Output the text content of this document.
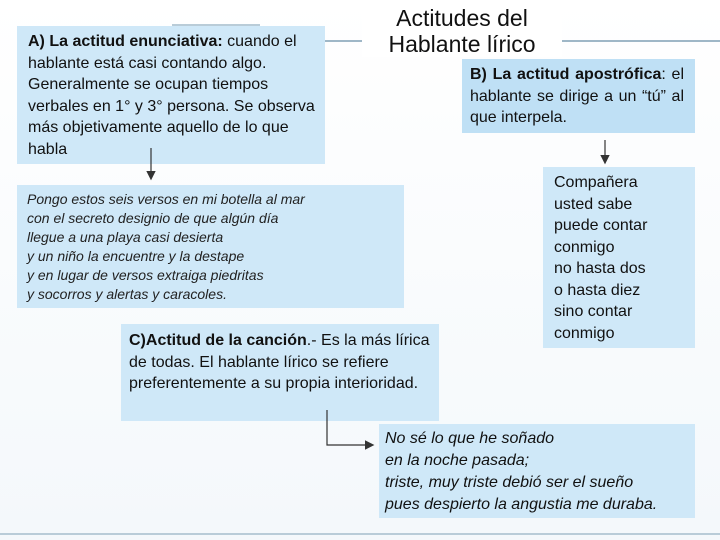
Actitudes del
Hablante lírico
A) La actitud enunciativa: cuando el hablante está casi contando algo. Generalmente se ocupan tiempos verbales en 1° y 3° persona. Se observa más objetivamente aquello de lo que habla
B) La actitud apostrófica: el hablante se dirige a un “tú” al que interpela.
Pongo estos seis versos en mi botella al mar
con el secreto designio de que algún día
llegue a una playa casi desierta
y un niño la encuentre y la destape
y en lugar de versos extraiga piedritas
y socorros y alertas y caracoles.
Compañera
usted sabe
puede contar
conmigo
no hasta dos
o hasta diez
sino contar
conmigo
C)Actitud de la canción.- Es la más lírica de todas. El hablante lírico se refiere preferentemente a su propia interioridad.
No sé lo que he soñado
en la noche pasada;
triste, muy triste debió ser el sueño
pues despierto la angustia me duraba.
